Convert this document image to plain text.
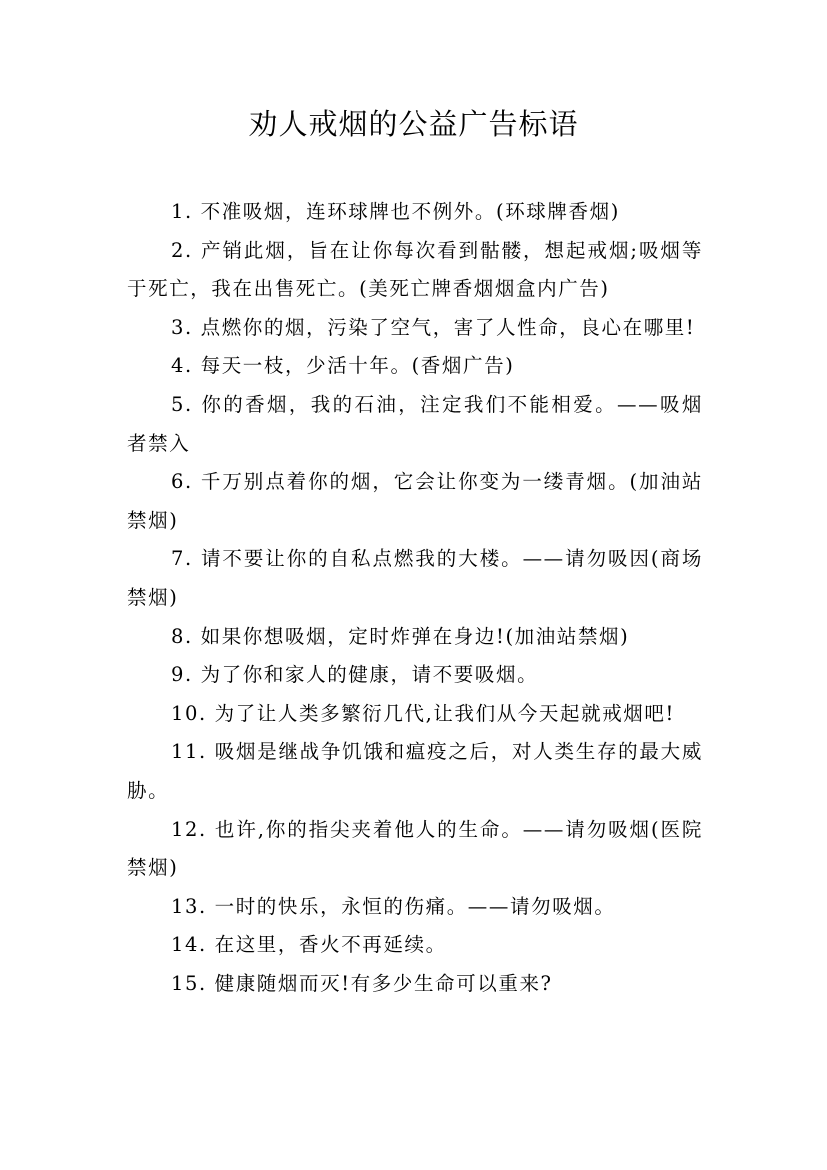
劝人戒烟的公益广告标语

1. 不准吸烟，连环球牌也不例外。(环球牌香烟)

2. 产销此烟，旨在让你每次看到骷髅，想起戒烟;吸烟等于死亡，我在出售死亡。(美死亡牌香烟烟盒内广告)

3. 点燃你的烟，污染了空气，害了人性命，良心在哪里!

4. 每天一枝，少活十年。(香烟广告)

5. 你的香烟，我的石油，注定我们不能相爱。——吸烟者禁入

6. 千万别点着你的烟，它会让你变为一缕青烟。(加油站禁烟)

7. 请不要让你的自私点燃我的大楼。——请勿吸因(商场禁烟)

8. 如果你想吸烟，定时炸弹在身边!(加油站禁烟)

9. 为了你和家人的健康，请不要吸烟。

10. 为了让人类多繁衍几代,让我们从今天起就戒烟吧!

11. 吸烟是继战争饥饿和瘟疫之后，对人类生存的最大威胁。

12. 也许,你的指尖夹着他人的生命。——请勿吸烟(医院禁烟)

13. 一时的快乐，永恒的伤痛。——请勿吸烟。

14. 在这里，香火不再延续。

15. 健康随烟而灭!有多少生命可以重来?
